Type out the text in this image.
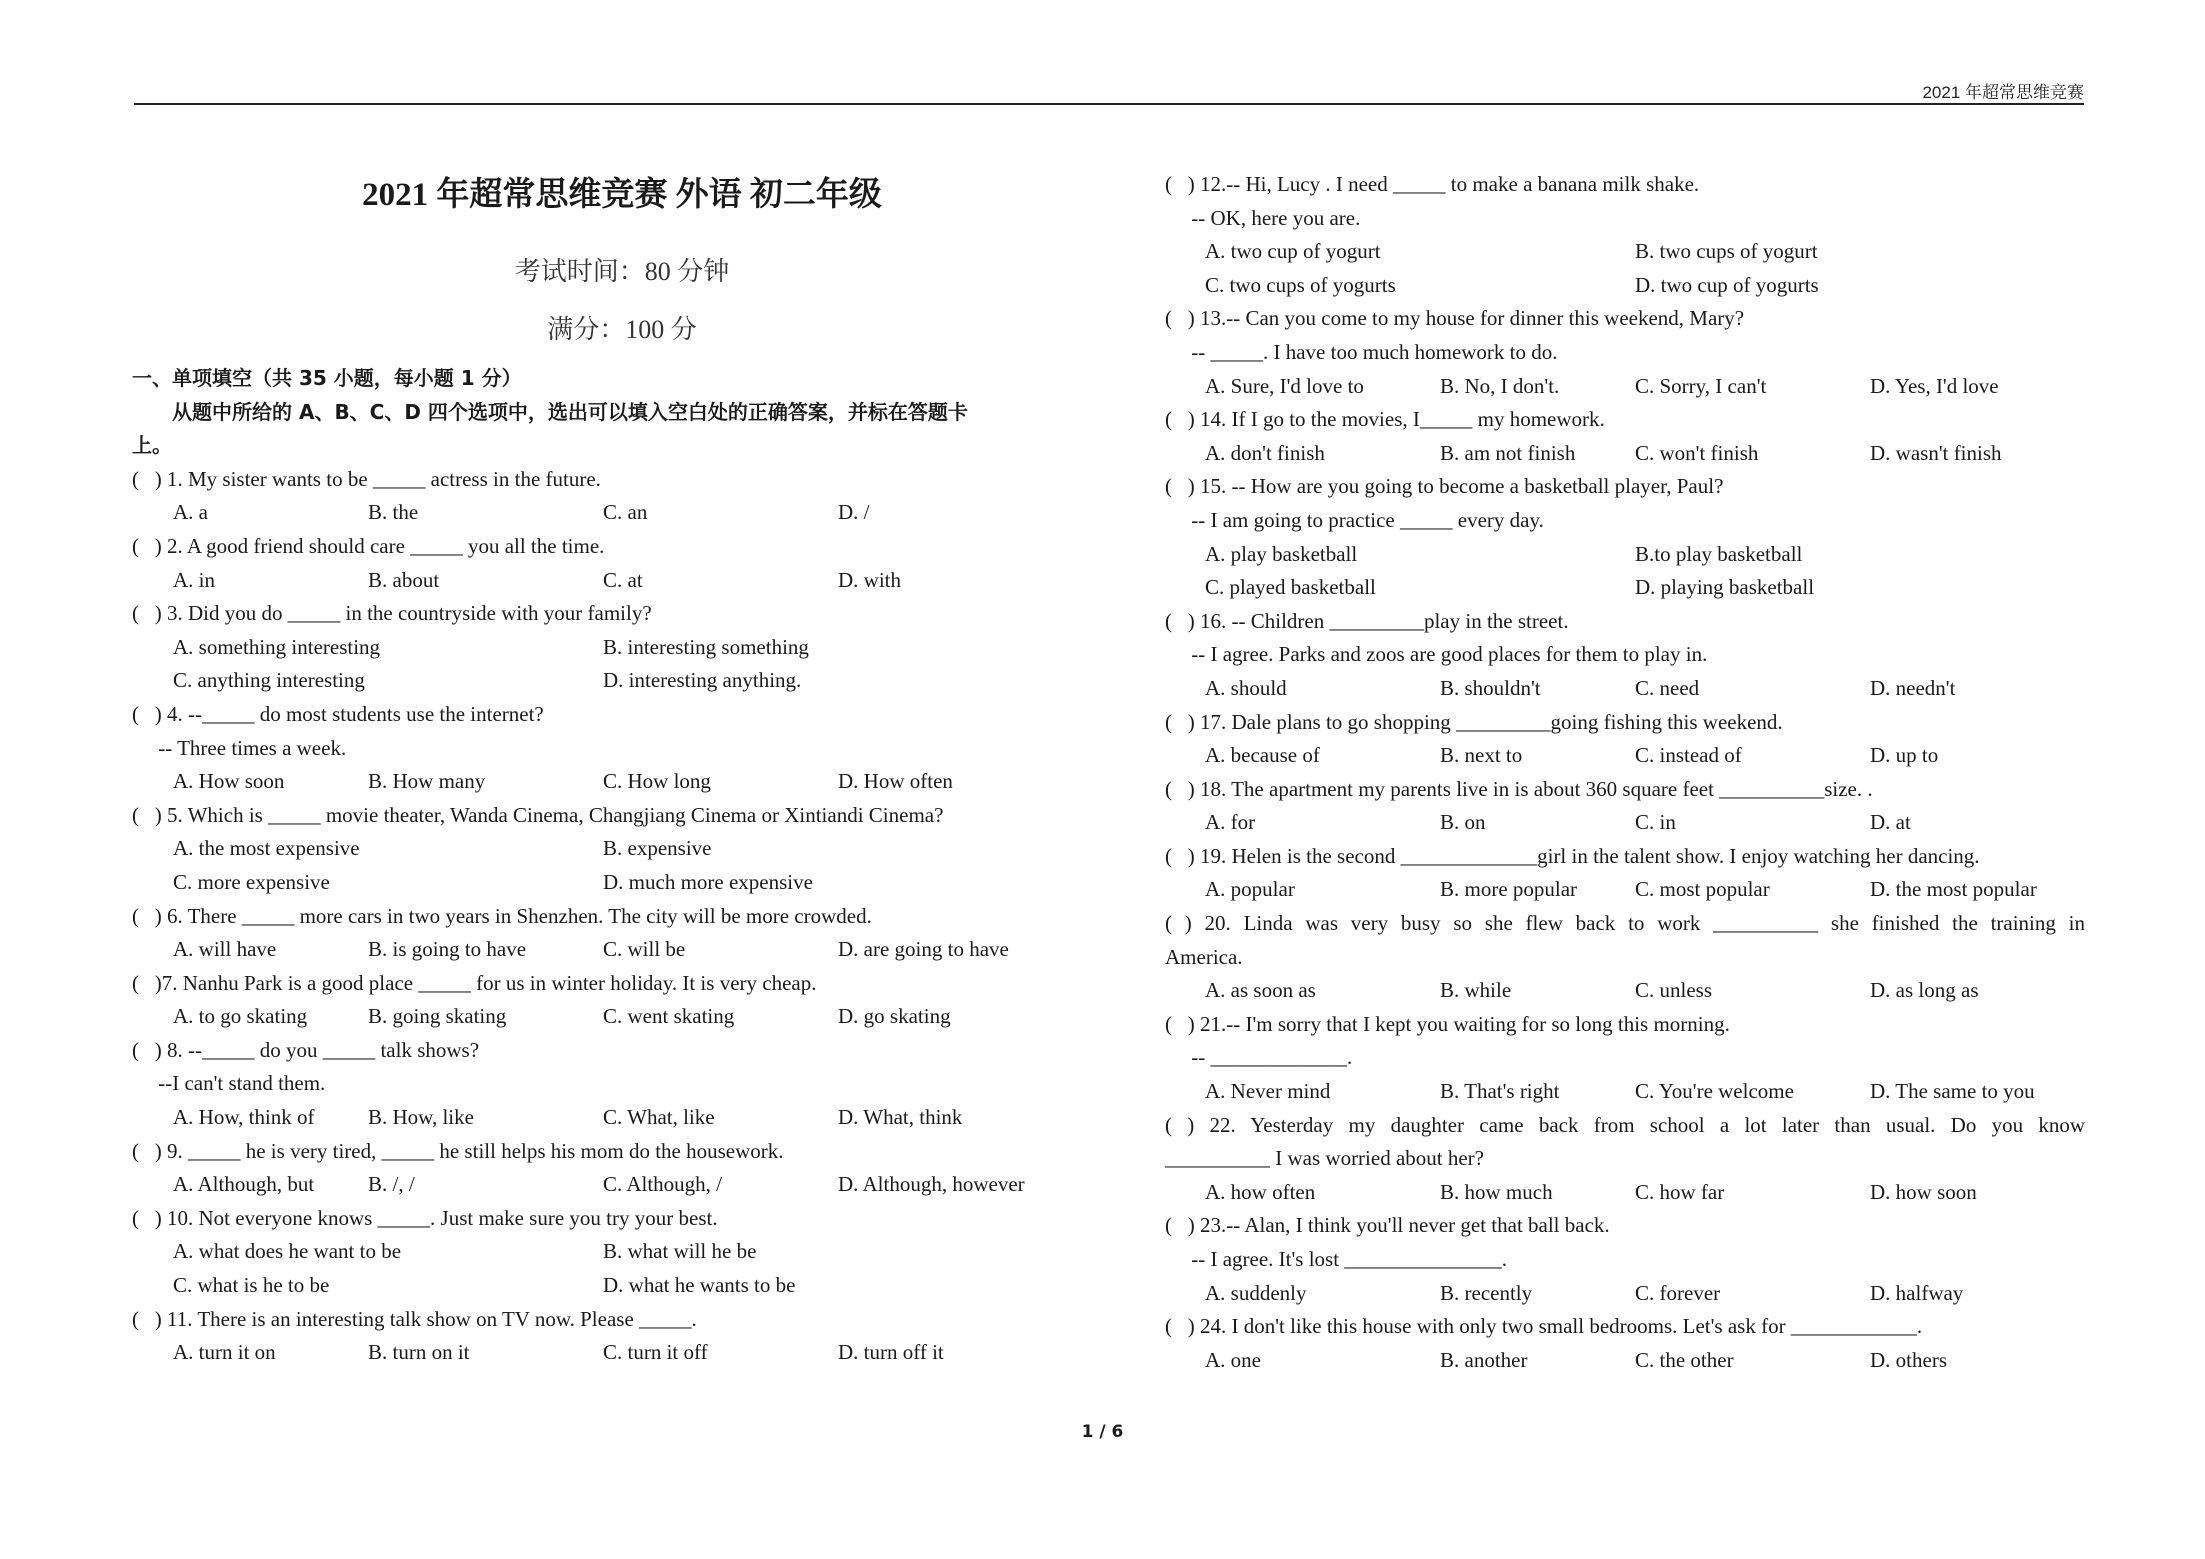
2021 年超常思维竞赛
2021 年超常思维竞赛 外语 初二年级
考试时间：80 分钟
满分：100 分
一、单项填空（共 35 小题，每小题 1 分）
从题中所给的 A、B、C、D 四个选项中，选出可以填入空白处的正确答案，并标在答题卡
上。
(   ) 1. My sister wants to be _____ actress in the future.
A. a	B. the	C. an	D. /
(   ) 2. A good friend should care _____ you all the time.
A. in	B. about	C. at	D. with
(   ) 3. Did you do _____ in the countryside with your family?
A. something interesting	B. interesting something
C. anything interesting	D. interesting anything.
(   ) 4. --_____ do most students use the internet?
-- Three times a week.
A. How soon	B. How many	C. How long	D. How often
(   ) 5. Which is _____ movie theater, Wanda Cinema, Changjiang Cinema or Xintiandi Cinema?
A. the most expensive	B. expensive
C. more expensive	D. much more expensive
(   ) 6. There _____ more cars in two years in Shenzhen. The city will be more crowded.
A. will have	B. is going to have	C. will be	D. are going to have
(   )7. Nanhu Park is a good place _____ for us in winter holiday. It is very cheap.
A. to go skating	B. going skating	C. went skating	D. go skating
(   ) 8. --_____ do you _____ talk shows?
--I can't stand them.
A. How, think of	B. How, like	C. What, like	D. What, think
(   ) 9. _____ he is very tired, _____ he still helps his mom do the housework.
A. Although, but	B. /, /	C. Although, /	D. Although, however
(   ) 10. Not everyone knows _____. Just make sure you try your best.
A. what does he want to be	B. what will he be
C. what is he to be	D. what he wants to be
(   ) 11. There is an interesting talk show on TV now. Please _____.
A. turn it on	B. turn on it	C. turn it off	D. turn off it
(   ) 12.-- Hi, Lucy . I need _____ to make a banana milk shake.
-- OK, here you are.
A. two cup of yogurt	B. two cups of yogurt
C. two cups of yogurts	D. two cup of yogurts
(   ) 13.-- Can you come to my house for dinner this weekend, Mary?
-- _____. I have too much homework to do.
A. Sure, I'd love to	B. No, I don't.	C. Sorry, I can't	D. Yes, I'd love
(   ) 14. If I go to the movies, I_____ my homework.
A. don't finish	B. am not finish	C. won't finish	D. wasn't finish
(   ) 15. -- How are you going to become a basketball player, Paul?
-- I am going to practice _____ every day.
A. play basketball	B.to play basketball
C. played basketball	D. playing basketball
(   ) 16. -- Children _________play in the street.
-- I agree. Parks and zoos are good places for them to play in.
A. should	B. shouldn't	C. need	D. needn't
(   ) 17. Dale plans to go shopping _________going fishing this weekend.
A. because of	B. next to	C. instead of	D. up to
(   ) 18. The apartment my parents live in is about 360 square feet __________size. .
A. for	B. on	C. in	D. at
(   ) 19. Helen is the second _____________girl in the talent show. I enjoy watching her dancing.
A. popular	B. more popular	C. most popular	D. the most popular
( ) 20. Linda was very busy so she flew back to work __________ she finished the training in
America.
A. as soon as	B. while	C. unless	D. as long as
(   ) 21.-- I'm sorry that I kept you waiting for so long this morning.
-- _____________.
A. Never mind	B. That's right	C. You're welcome	D. The same to you
( ) 22. Yesterday my daughter came back from school a lot later than usual. Do you know
__________ I was worried about her?
A. how often	B. how much	C. how far	D. how soon
(   ) 23.-- Alan, I think you'll never get that ball back.
-- I agree. It's lost _______________.
A. suddenly	B. recently	C. forever	D. halfway
(   ) 24. I don't like this house with only two small bedrooms. Let's ask for ____________.
A. one	B. another	C. the other	D. others
1 / 6
